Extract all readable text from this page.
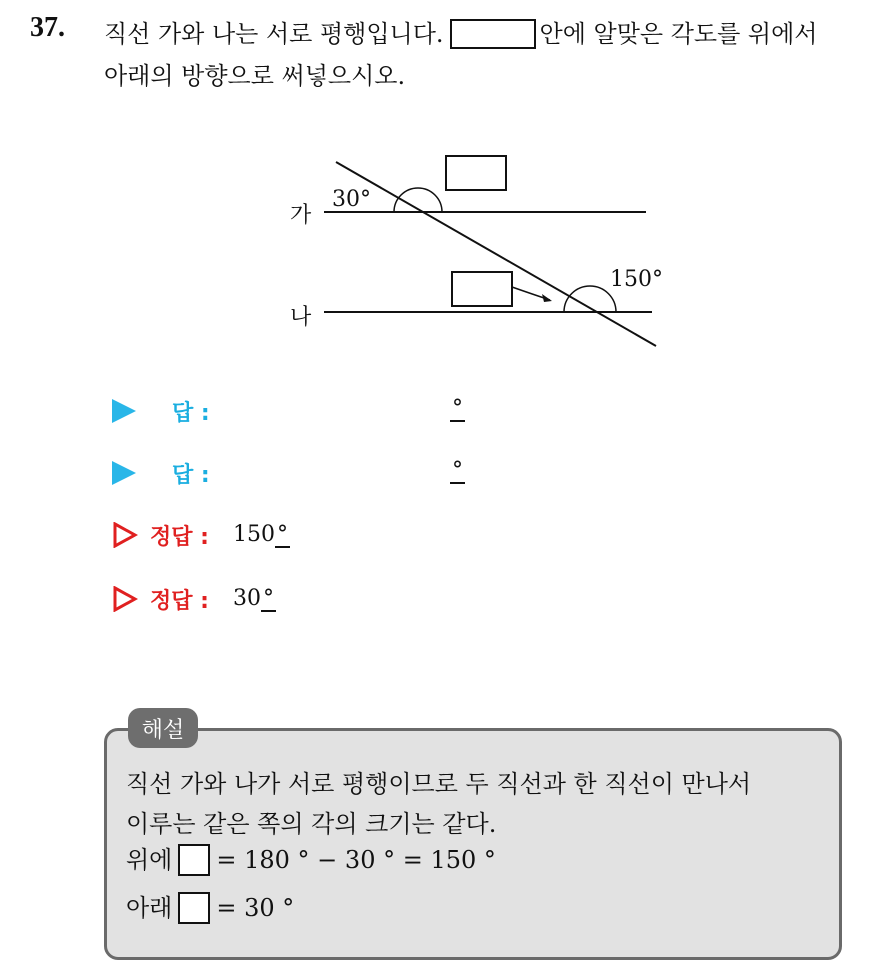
37. 직선 가와 나는 서로 평행입니다.	안에 알맞은 각도를 위에서
아래의 방향으로 써넣으시오.
가
나
30°
150°
답 :	°
답 :	°
정답 : 150°
정답 : 30°
해설
직선 가와 나가 서로 평행이므로 두 직선과 한 직선이 만나서
이루는 같은 쪽의 각의 크기는 같다.
위에 = 180 ° − 30 ° = 150 °
아래 = 30 °
